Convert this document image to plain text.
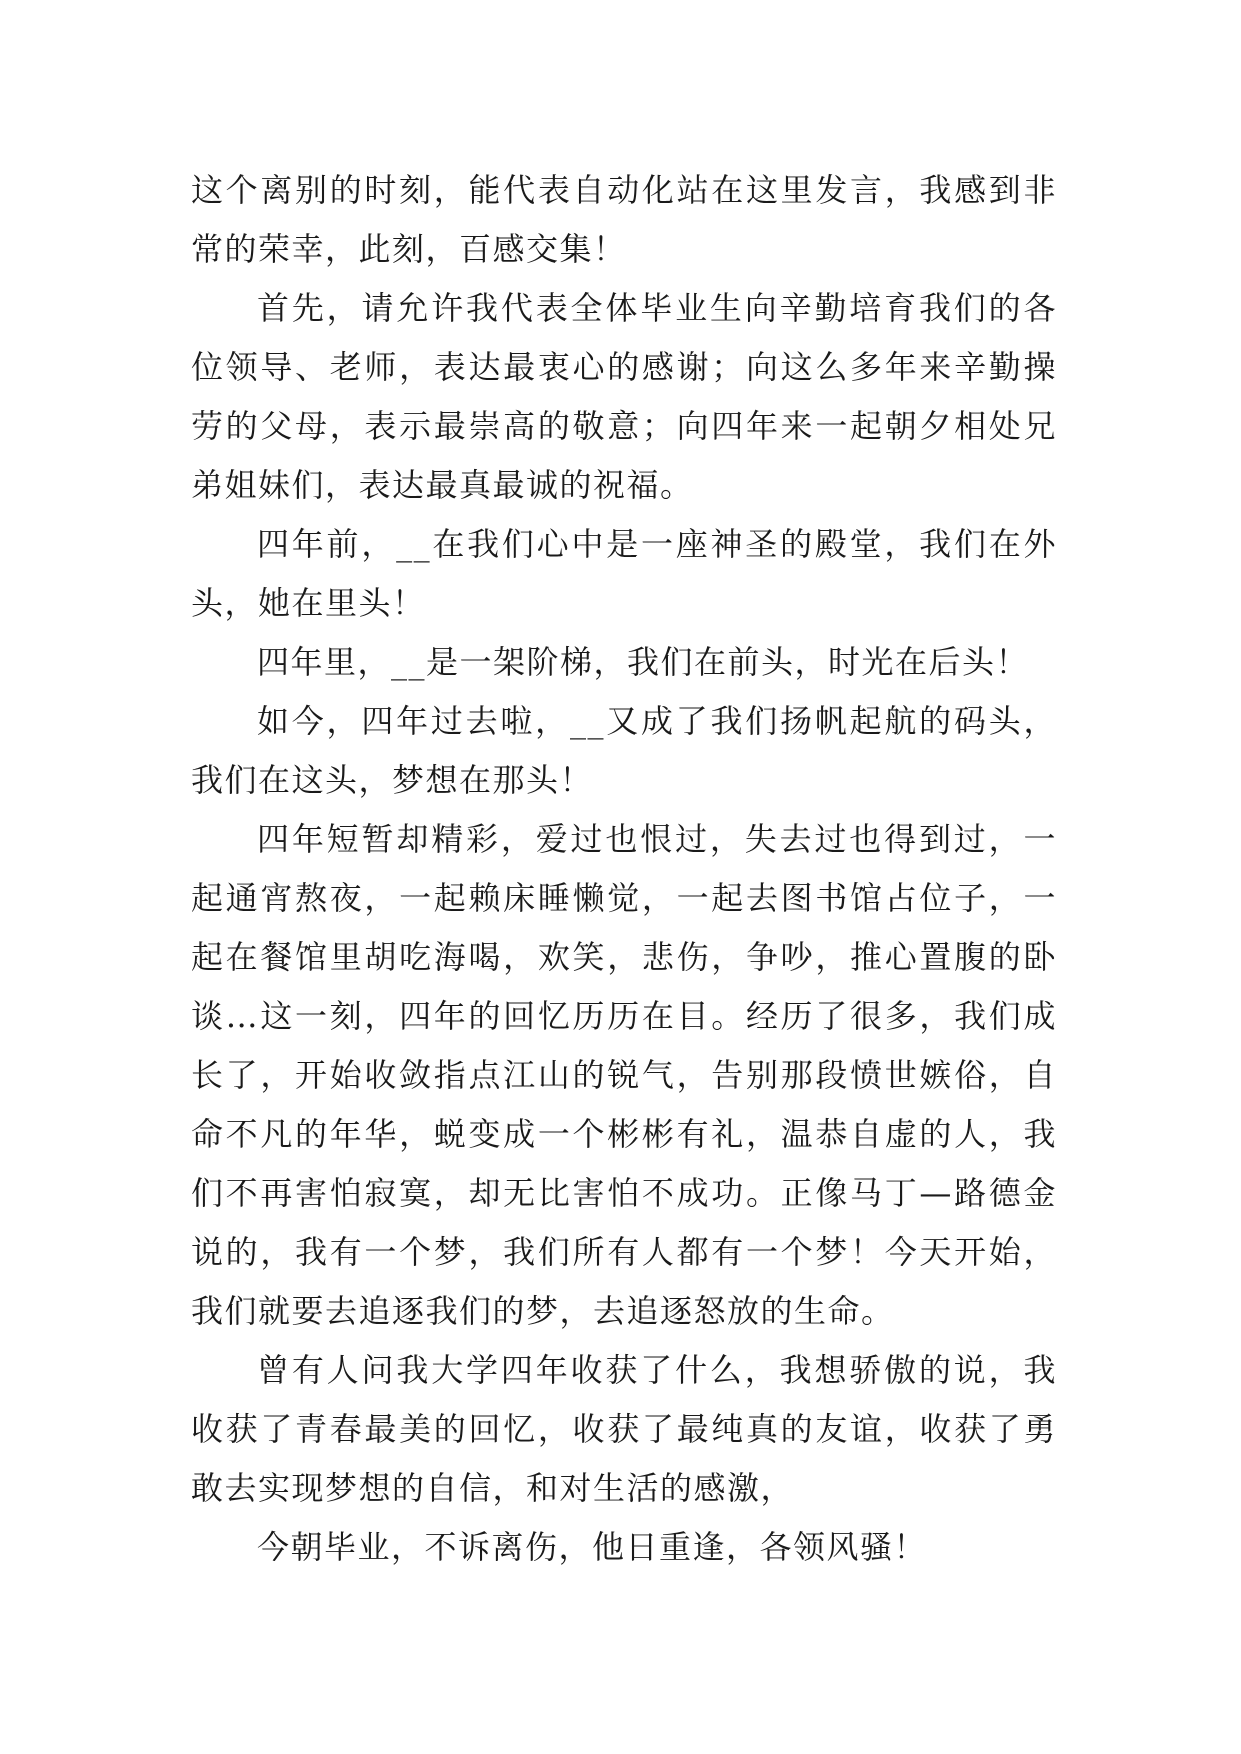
这个离别的时刻，能代表自动化站在这里发言，我感到非常的荣幸，此刻，百感交集！

首先，请允许我代表全体毕业生向辛勤培育我们的各位领导、老师，表达最衷心的感谢；向这么多年来辛勤操劳的父母，表示最崇高的敬意；向四年来一起朝夕相处兄弟姐妹们，表达最真最诚的祝福。

四年前，__在我们心中是一座神圣的殿堂，我们在外头，她在里头！

四年里，__是一架阶梯，我们在前头，时光在后头！

如今，四年过去啦，__又成了我们扬帆起航的码头，我们在这头，梦想在那头！

四年短暂却精彩，爱过也恨过，失去过也得到过，一起通宵熬夜，一起赖床睡懒觉，一起去图书馆占位子，一起在餐馆里胡吃海喝，欢笑，悲伤，争吵，推心置腹的卧谈…这一刻，四年的回忆历历在目。经历了很多，我们成长了，开始收敛指点江山的锐气，告别那段愤世嫉俗，自命不凡的年华，蜕变成一个彬彬有礼，温恭自虚的人，我们不再害怕寂寞，却无比害怕不成功。正像马丁—路德金说的，我有一个梦，我们所有人都有一个梦！今天开始，我们就要去追逐我们的梦，去追逐怒放的生命。

曾有人问我大学四年收获了什么，我想骄傲的说，我收获了青春最美的回忆，收获了最纯真的友谊，收获了勇敢去实现梦想的自信，和对生活的感激，

今朝毕业，不诉离伤，他日重逢，各领风骚！
